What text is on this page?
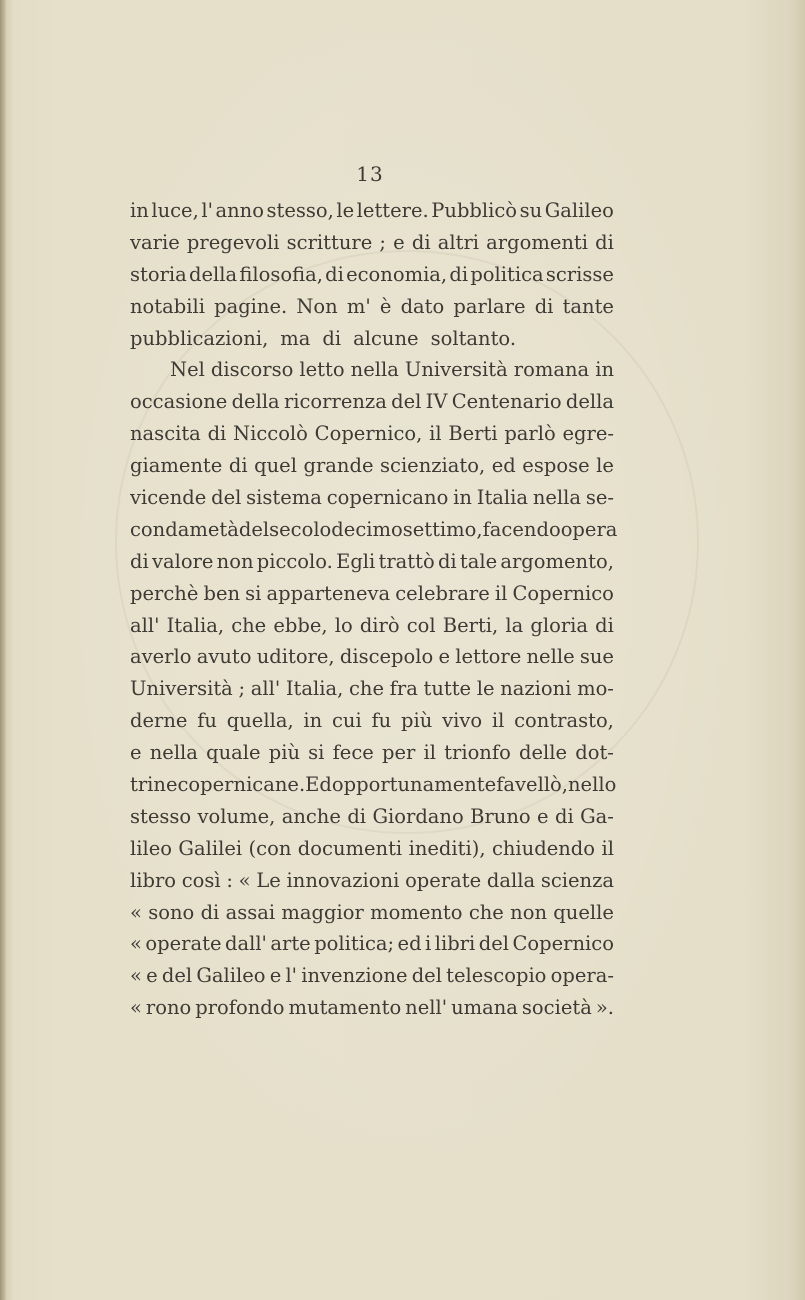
13
in luce, l' anno stesso, le lettere. Pubblicò su Galileo
varie pregevoli scritture ; e di altri argomenti di
storia della filosofia, di economia, di politica scrisse
notabili pagine. Non m' è dato parlare di tante
pubblicazioni, ma di alcune soltanto.
Nel discorso letto nella Università romana in
occasione della ricorrenza del IV Centenario della
nascita di Niccolò Copernico, il Berti parlò egre-
giamente di quel grande scienziato, ed espose le
vicende del sistema copernicano in Italia nella se-
conda metà del secolo decimosettimo, facendo opera
di valore non piccolo. Egli trattò di tale argomento,
perchè ben si apparteneva celebrare il Copernico
all' Italia, che ebbe, lo dirò col Berti, la gloria di
averlo avuto uditore, discepolo e lettore nelle sue
Università ; all' Italia, che fra tutte le nazioni mo-
derne fu quella, in cui fu più vivo il contrasto,
e nella quale più si fece per il trionfo delle dot-
trine copernicane. Ed opportunamente favellò, nello
stesso volume, anche di Giordano Bruno e di Ga-
lileo Galilei (con documenti inediti), chiudendo il
libro così : « Le innovazioni operate dalla scienza
« sono di assai maggior momento che non quelle
« operate dall' arte politica; ed i libri del Copernico
« e del Galileo e l' invenzione del telescopio opera-
« rono profondo mutamento nell' umana società ».
